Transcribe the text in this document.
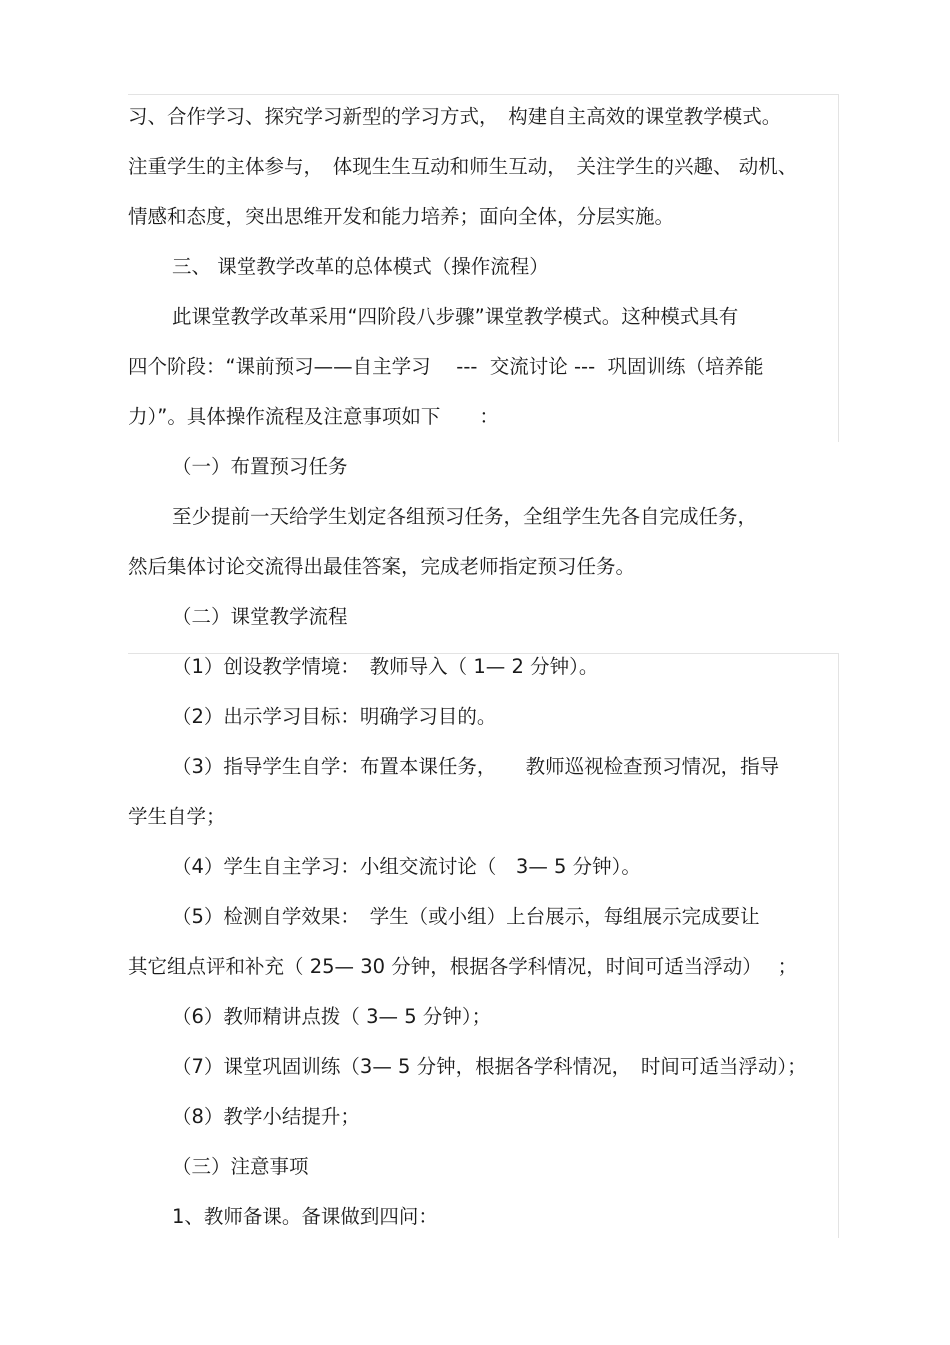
习、合作学习、探究学习新型的学习方式，　构建自主高效的课堂教学模式。
注重学生的主体参与，　体现生生互动和师生互动，　关注学生的兴趣、 动机、
情感和态度，突出思维开发和能力培养；面向全体，分层实施。
三、 课堂教学改革的总体模式（操作流程）
此课堂教学改革采用“四阶段八步骤”课堂教学模式。这种模式具有
四个阶段：“课前预习——自主学习　 ---  交流讨论 ---  巩固训练（培养能
力）”。具体操作流程及注意事项如下　　：
（一）布置预习任务
至少提前一天给学生划定各组预习任务，全组学生先各自完成任务，
然后集体讨论交流得出最佳答案，完成老师指定预习任务。
（二）课堂教学流程
（1）创设教学情境：　教师导入（ 1— 2 分钟）。
（2）出示学习目标：明确学习目的。
（3）指导学生自学：布置本课任务，　　教师巡视检查预习情况，指导
学生自学；
（4）学生自主学习：小组交流讨论（　3— 5 分钟）。
（5）检测自学效果：　学生（或小组）上台展示，每组展示完成要让
其它组点评和补充（ 25— 30 分钟，根据各学科情况，时间可适当浮动）　 ；
（6）教师精讲点拨（ 3— 5 分钟）；
（7）课堂巩固训练（3— 5 分钟，根据各学科情况，　时间可适当浮动）；
（8）教学小结提升；
（三）注意事项
1、教师备课。备课做到四问：
